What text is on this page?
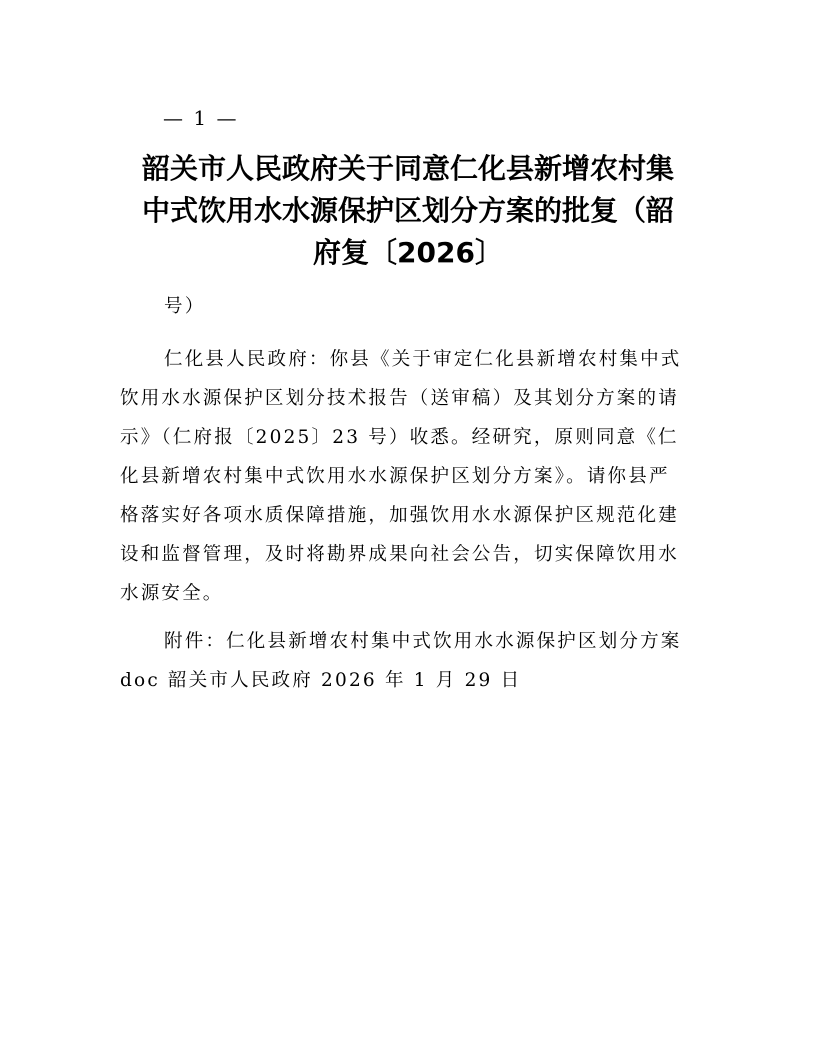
— 1 —
韶关市人民政府关于同意仁化县新增农村集
中式饮用水水源保护区划分方案的批复（韶
府复〔2026〕
号）
仁化县人民政府：你县《关于审定仁化县新增农村集中式
饮用水水源保护区划分技术报告（送审稿）及其划分方案的请
示》（仁府报〔2025〕23 号）收悉。经研究，原则同意《仁
化县新增农村集中式饮用水水源保护区划分方案》。请你县严
格落实好各项水质保障措施，加强饮用水水源保护区规范化建
设和监督管理，及时将勘界成果向社会公告，切实保障饮用水
水源安全。
附件：仁化县新增农村集中式饮用水水源保护区划分方案
doc 韶关市人民政府 2026 年 1 月 29 日
